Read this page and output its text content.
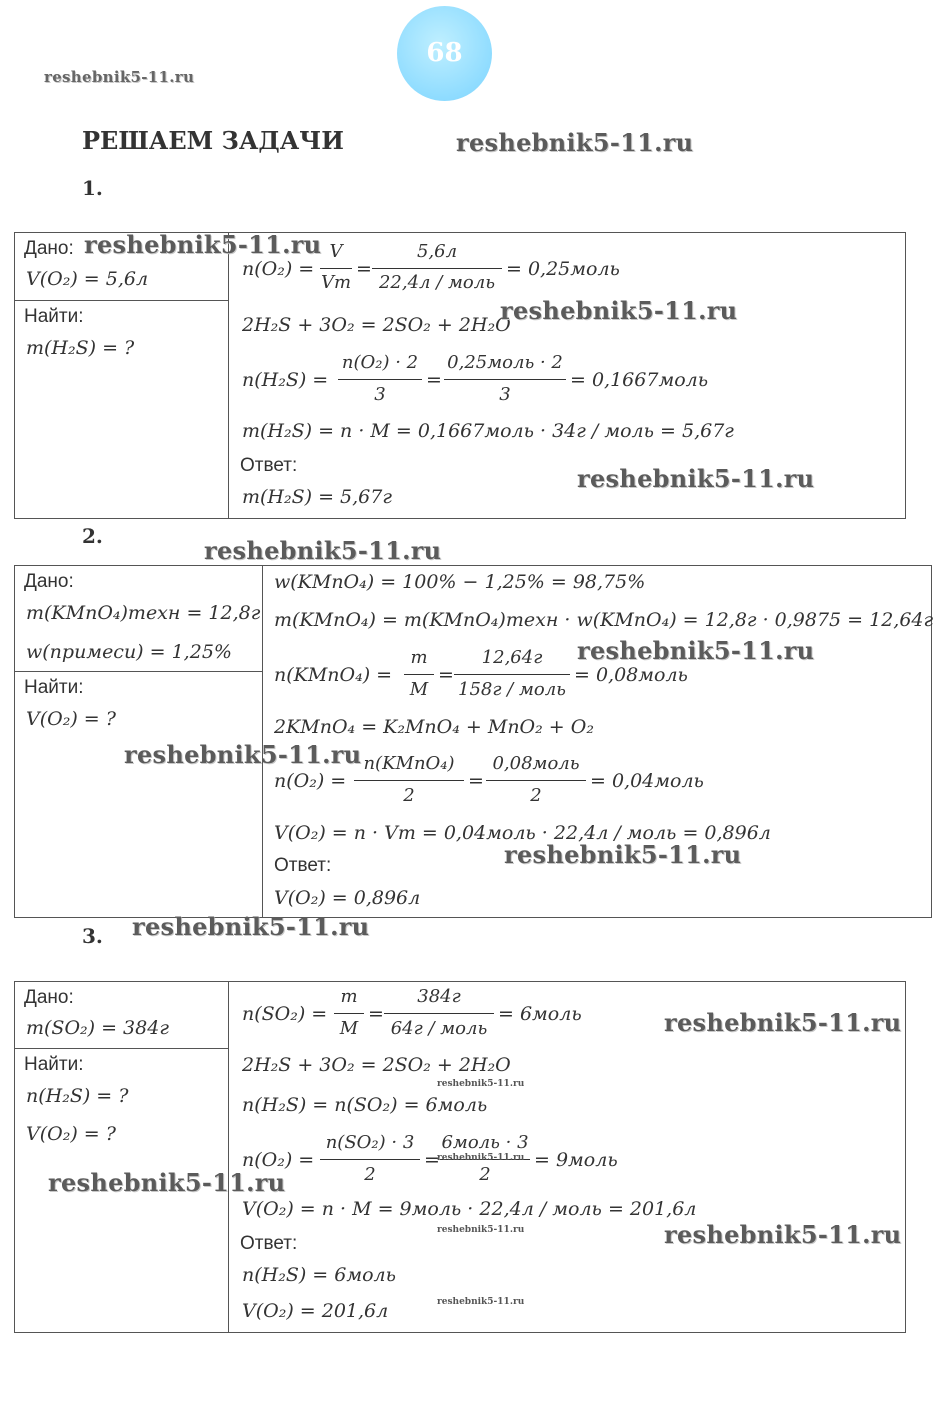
68
reshebnik5-11.ru
РЕШАЕМ ЗАДАЧИ	reshebnik5-11.ru
1.
Дано:
V(O₂) = 5,6л
Найти:
m(H₂S) = ?
n(O₂) =
V
Vm
=
5,6л
22,4л / моль
= 0,25моль
2H₂S + 3O₂ = 2SO₂ + 2H₂O
n(H₂S) =
n(O₂) · 2
3
=
0,25моль · 2
3
= 0,1667моль
m(H₂S) = n · M = 0,1667моль · 34г / моль = 5,67г
Ответ:
m(H₂S) = 5,67г
reshebnik5-11.ru
reshebnik5-11.ru
reshebnik5-11.ru
2.	reshebnik5-11.ru
Дано:
m(KMnO₄)техн = 12,8г
w(примеси) = 1,25%
Найти:
V(O₂) = ?
w(KMnO₄) = 100% − 1,25% = 98,75%
m(KMnO₄) = m(KMnO₄)техн · w(KMnO₄) = 12,8г · 0,9875 = 12,64г
n(KMnO₄) =
m
M
=
12,64г
158г / моль
= 0,08моль
2KMnO₄ = K₂MnO₄ + MnO₂ + O₂
n(O₂) =
n(KMnO₄)
2
=
0,08моль
2
= 0,04моль
V(O₂) = n · Vm = 0,04моль · 22,4л / моль = 0,896л
Ответ:
V(O₂) = 0,896л
reshebnik5-11.ru
reshebnik5-11.ru
reshebnik5-11.ru
3. reshebnik5-11.ru
Дано:
m(SO₂) = 384г
Найти:
n(H₂S) = ?
V(O₂) = ?
n(SO₂) =
m
M
=
384г
64г / моль
= 6моль
2H₂S + 3O₂ = 2SO₂ + 2H₂O
n(H₂S) = n(SO₂) = 6моль
n(O₂) =
n(SO₂) · 3
2
=
6моль · 3
2
= 9моль
V(O₂) = n · M = 9моль · 22,4л / моль = 201,6л
Ответ:
n(H₂S) = 6моль
V(O₂) = 201,6л
reshebnik5-11.ru
reshebnik5-11.ru
reshebnik5-11.ru
reshebnik5-11.ru
reshebnik5-11.ru
reshebnik5-11.ru
reshebnik5-11.ru
